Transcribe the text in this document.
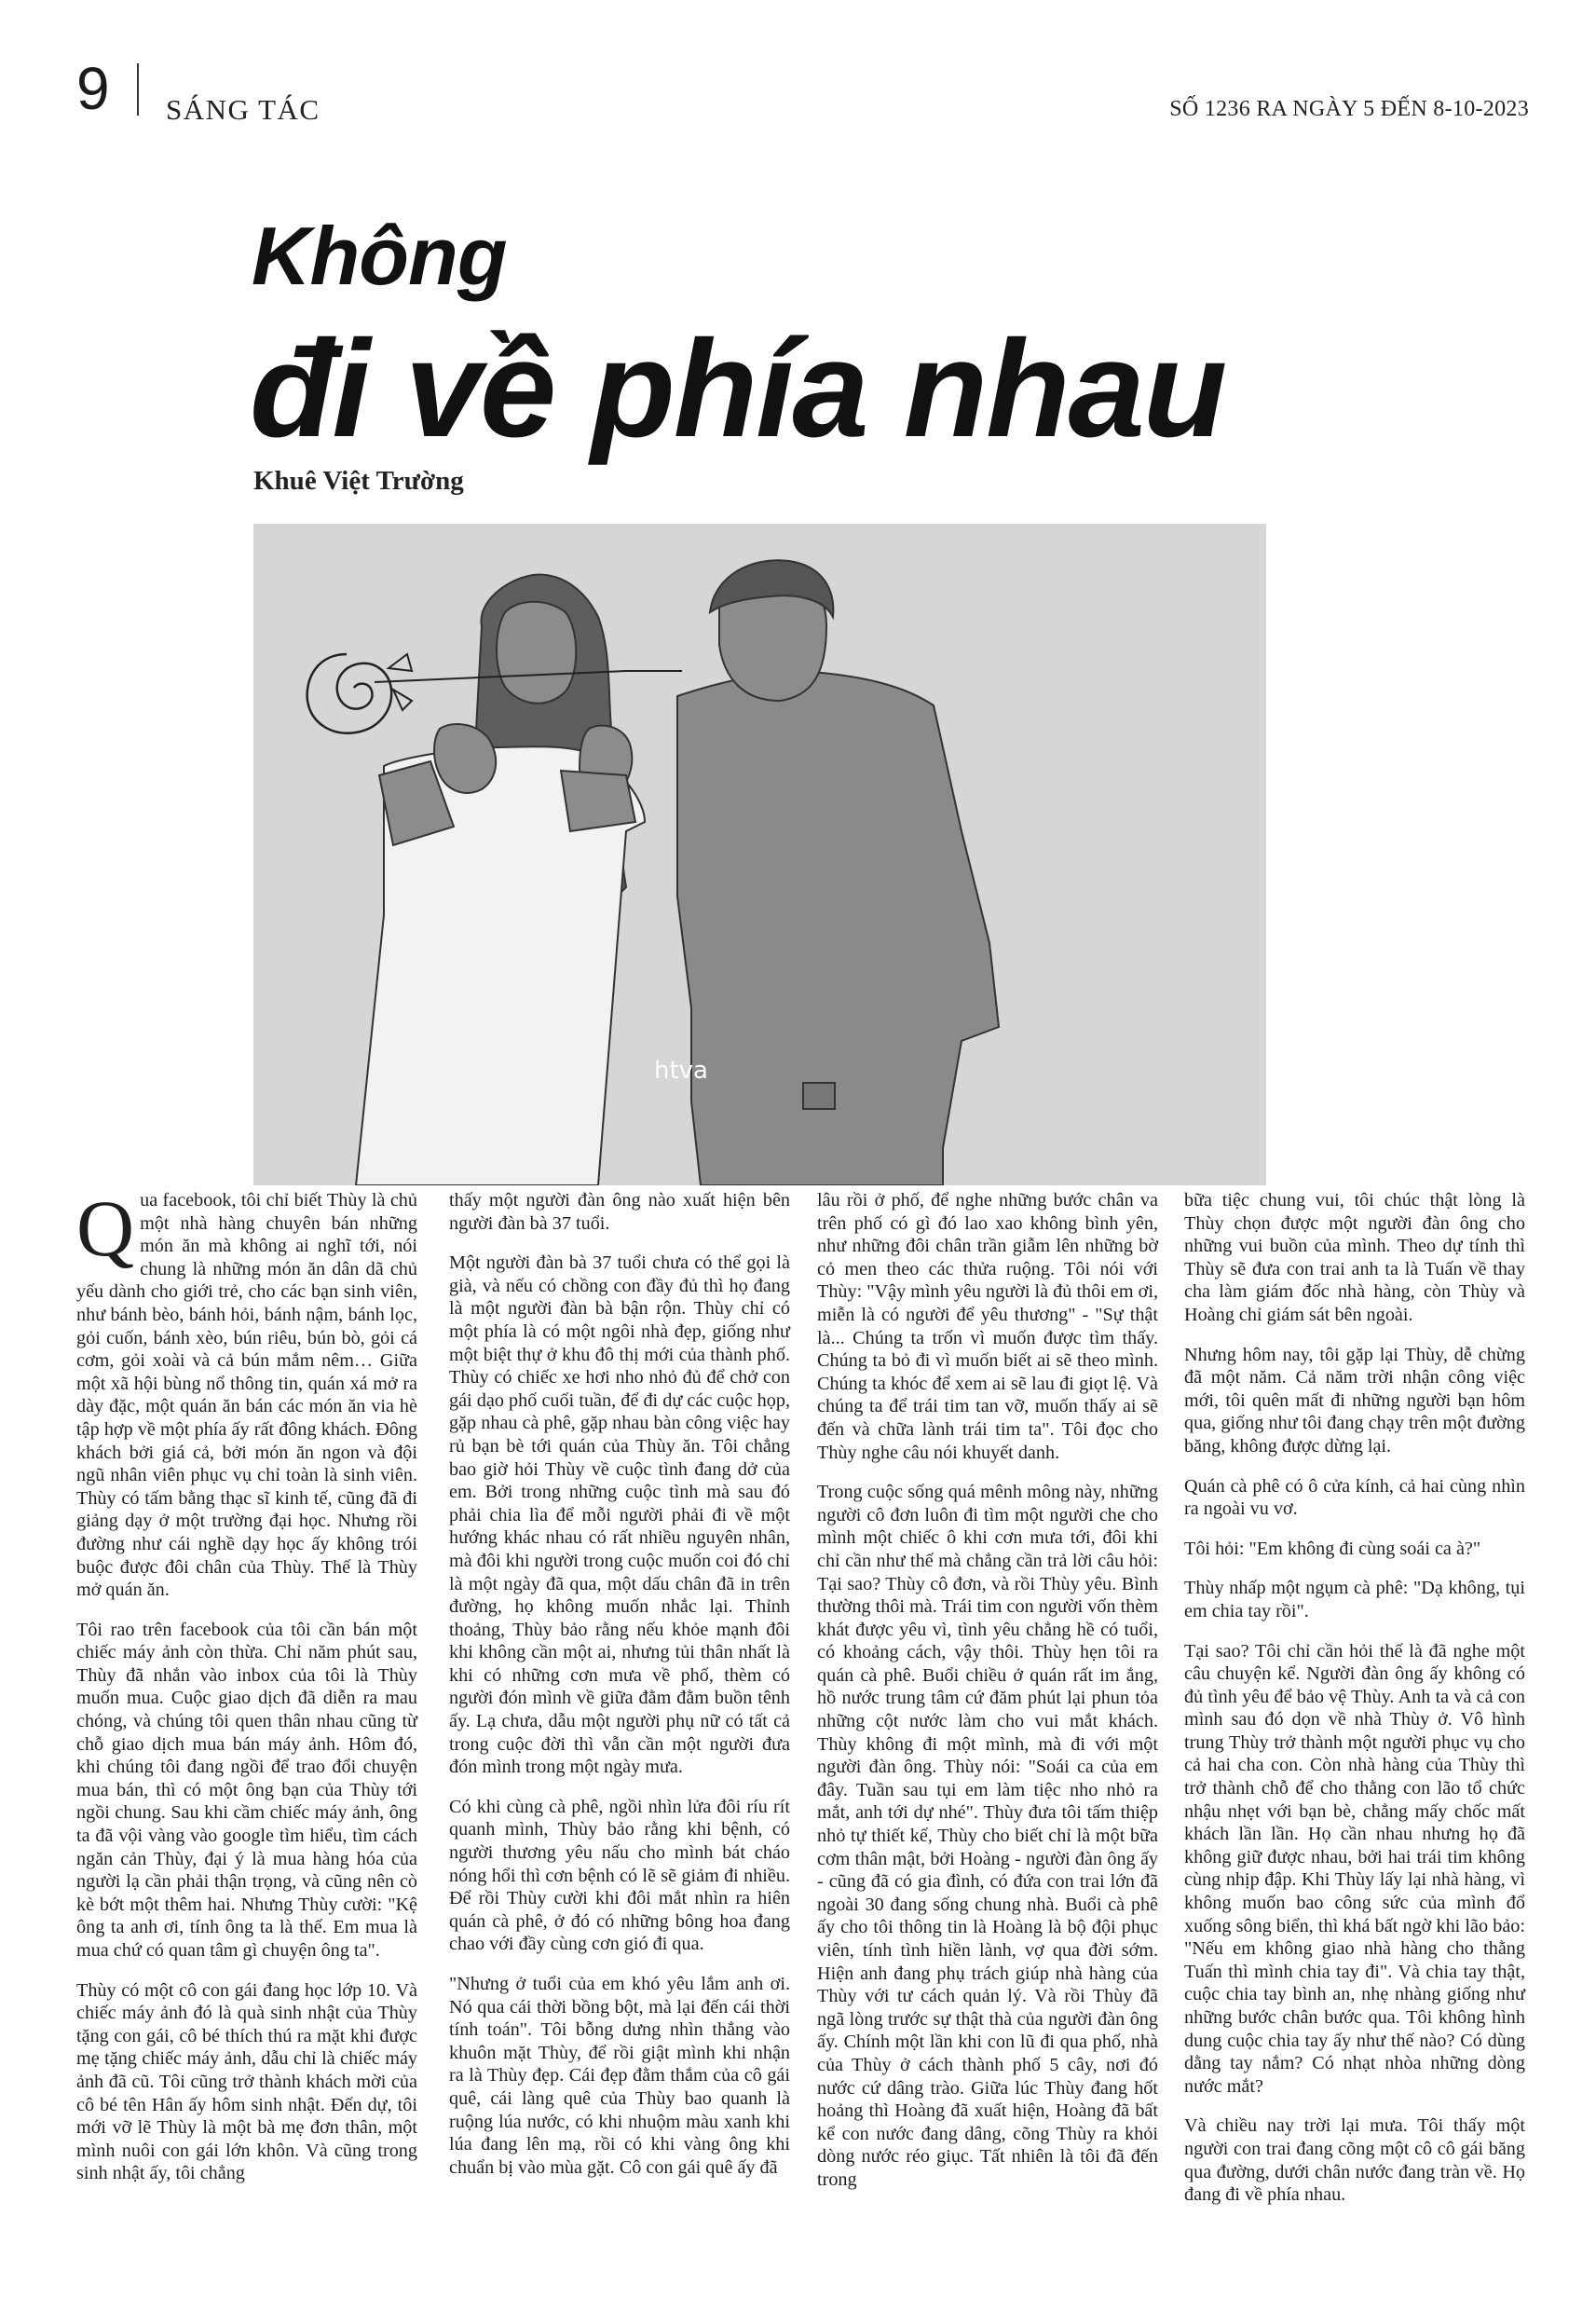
9 SÁNG TÁC	SỐ 1236 RA NGÀY 5 ĐẾN 8-10-2023
Không
đi về phía nhau
Khuê Việt Trường
htva

Qua facebook, tôi chỉ biết Thùy là chủ một nhà hàng chuyên bán những món ăn mà không ai nghĩ tới, nói chung là những món ăn dân dã chủ yếu dành cho giới trẻ, cho các bạn sinh viên, như bánh bèo, bánh hỏi, bánh nậm, bánh lọc, gỏi cuốn, bánh xèo, bún riêu, bún bò, gỏi cá cơm, gỏi xoài và cả bún mắm nêm… Giữa một xã hội bùng nổ thông tin, quán xá mở ra dày đặc, một quán ăn bán các món ăn via hè tập hợp về một phía ấy rất đông khách. Đông khách bởi giá cả, bởi món ăn ngon và đội ngũ nhân viên phục vụ chỉ toàn là sinh viên. Thùy có tấm bằng thạc sĩ kinh tế, cũng đã đi giảng dạy ở một trường đại học. Nhưng rồi đường như cái nghề dạy học ấy không trói buộc được đôi chân của Thùy. Thế là Thùy mở quán ăn.

Tôi rao trên facebook của tôi cần bán một chiếc máy ảnh còn thừa. Chỉ năm phút sau, Thùy đã nhắn vào inbox của tôi là Thùy muốn mua. Cuộc giao dịch đã diễn ra mau chóng, và chúng tôi quen thân nhau cũng từ chỗ giao dịch mua bán máy ảnh. Hôm đó, khi chúng tôi đang ngồi để trao đổi chuyện mua bán, thì có một ông bạn của Thùy tới ngồi chung. Sau khi cầm chiếc máy ảnh, ông ta đã vội vàng vào google tìm hiểu, tìm cách ngăn cản Thùy, đại ý là mua hàng hóa của người lạ cần phải thận trọng, và cũng nên cò kè bớt một thêm hai. Nhưng Thùy cười: "Kệ ông ta anh ơi, tính ông ta là thế. Em mua là mua chứ có quan tâm gì chuyện ông ta".

Thùy có một cô con gái đang học lớp 10. Và chiếc máy ảnh đó là quà sinh nhật của Thùy tặng con gái, cô bé thích thú ra mặt khi được mẹ tặng chiếc máy ảnh, dẫu chỉ là chiếc máy ảnh đã cũ. Tôi cũng trở thành khách mời của cô bé tên Hân ấy hôm sinh nhật. Đến dự, tôi mới vỡ lẽ Thùy là một bà mẹ đơn thân, một mình nuôi con gái lớn khôn. Và cũng trong sinh nhật ấy, tôi chẳng

thấy một người đàn ông nào xuất hiện bên người đàn bà 37 tuổi.

Một người đàn bà 37 tuổi chưa có thể gọi là già, và nếu có chồng con đầy đủ thì họ đang là một người đàn bà bận rộn. Thùy chỉ có một phía là có một ngôi nhà đẹp, giống như một biệt thự ở khu đô thị mới của thành phố. Thùy có chiếc xe hơi nho nhỏ đủ để chở con gái dạo phố cuối tuần, để đi dự các cuộc họp, gặp nhau cà phê, gặp nhau bàn công việc hay rủ bạn bè tới quán của Thùy ăn. Tôi chẳng bao giờ hỏi Thùy về cuộc tình đang dở của em. Bởi trong những cuộc tình mà sau đó phải chia lìa để mỗi người phải đi về một hướng khác nhau có rất nhiều nguyên nhân, mà đôi khi người trong cuộc muốn coi đó chỉ là một ngày đã qua, một dấu chân đã in trên đường, họ không muốn nhắc lại. Thỉnh thoảng, Thùy bảo rằng nếu khỏe mạnh đôi khi không cần một ai, nhưng tủi thân nhất là khi có những cơn mưa về phố, thèm có người đón mình về giữa đằm đằm buồn tênh ấy. Lạ chưa, dẫu một người phụ nữ có tất cả trong cuộc đời thì vẫn cần một người đưa đón mình trong một ngày mưa.

Có khi cùng cà phê, ngồi nhìn lửa đôi ríu rít quanh mình, Thùy bảo rằng khi bệnh, có người thương yêu nấu cho mình bát cháo nóng hổi thì cơn bệnh có lẽ sẽ giảm đi nhiều. Để rồi Thùy cười khi đôi mắt nhìn ra hiên quán cà phê, ở đó có những bông hoa đang chao với đầy cùng cơn gió đi qua.

"Nhưng ở tuổi của em khó yêu lắm anh ơi. Nó qua cái thời bồng bột, mà lại đến cái thời tính toán". Tôi bỗng dưng nhìn thẳng vào khuôn mặt Thùy, để rồi giật mình khi nhận ra là Thùy đẹp. Cái đẹp đằm thắm của cô gái quê, cái làng quê của Thùy bao quanh là ruộng lúa nước, có khi nhuộm màu xanh khi lúa đang lên mạ, rồi có khi vàng ông khi chuẩn bị vào mùa gặt. Cô con gái quê ấy đã

lâu rồi ở phố, để nghe những bước chân va trên phố có gì đó lao xao không bình yên, như những đôi chân trần giẫm lên những bờ cỏ men theo các thửa ruộng. Tôi nói với Thùy: "Vậy mình yêu người là đủ thôi em ơi, miễn là có người để yêu thương" - "Sự thật là... Chúng ta trốn vì muốn được tìm thấy. Chúng ta bỏ đi vì muốn biết ai sẽ theo mình. Chúng ta khóc để xem ai sẽ lau đi giọt lệ. Và chúng ta để trái tim tan vỡ, muốn thấy ai sẽ đến và chữa lành trái tim ta". Tôi đọc cho Thùy nghe câu nói khuyết danh.

Trong cuộc sống quá mênh mông này, những người cô đơn luôn đi tìm một người che cho mình một chiếc ô khi cơn mưa tới, đôi khi chỉ cần như thế mà chẳng cần trả lời câu hỏi: Tại sao? Thùy cô đơn, và rồi Thùy yêu. Bình thường thôi mà. Trái tim con người vốn thèm khát được yêu vì, tình yêu chẳng hề có tuổi, có khoảng cách, vậy thôi. Thùy hẹn tôi ra quán cà phê. Buổi chiều ở quán rất im ắng, hồ nước trung tâm cứ đăm phút lại phun tỏa những cột nước làm cho vui mắt khách. Thùy không đi một mình, mà đi với một người đàn ông. Thùy nói: "Soái ca của em đây. Tuần sau tụi em làm tiệc nho nhỏ ra mắt, anh tới dự nhé". Thùy đưa tôi tấm thiệp nhỏ tự thiết kế, Thùy cho biết chỉ là một bữa cơm thân mật, bởi Hoàng - người đàn ông ấy - cũng đã có gia đình, có đứa con trai lớn đã ngoài 30 đang sống chung nhà. Buổi cà phê ấy cho tôi thông tin là Hoàng là bộ đội phục viên, tính tình hiền lành, vợ qua đời sớm. Hiện anh đang phụ trách giúp nhà hàng của Thùy với tư cách quản lý. Và rồi Thùy đã ngã lòng trước sự thật thà của người đàn ông ấy. Chính một lần khi con lũ đi qua phố, nhà của Thùy ở cách thành phố 5 cây, nơi đó nước cứ dâng trào. Giữa lúc Thùy đang hốt hoảng thì Hoàng đã xuất hiện, Hoàng đã bất kể con nước đang dâng, cõng Thùy ra khỏi dòng nước réo giục. Tất nhiên là tôi đã đến trong

bữa tiệc chung vui, tôi chúc thật lòng là Thùy chọn được một người đàn ông cho những vui buồn của mình. Theo dự tính thì Thùy sẽ đưa con trai anh ta là Tuấn về thay cha làm giám đốc nhà hàng, còn Thùy và Hoàng chỉ giám sát bên ngoài.

Nhưng hôm nay, tôi gặp lại Thùy, dễ chừng đã một năm. Cả năm trời nhận công việc mới, tôi quên mất đi những người bạn hôm qua, giống như tôi đang chạy trên một đường băng, không được dừng lại.

Quán cà phê có ô cửa kính, cả hai cùng nhìn ra ngoài vu vơ.

Tôi hỏi: "Em không đi cùng soái ca à?"

Thùy nhấp một ngụm cà phê: "Dạ không, tụi em chia tay rồi".

Tại sao? Tôi chỉ cần hỏi thế là đã nghe một câu chuyện kể. Người đàn ông ấy không có đủ tình yêu để bảo vệ Thùy. Anh ta và cả con mình sau đó dọn về nhà Thùy ở. Vô hình trung Thùy trở thành một người phục vụ cho cả hai cha con. Còn nhà hàng của Thùy thì trở thành chỗ để cho thằng con lão tổ chức nhậu nhẹt với bạn bè, chẳng mấy chốc mất khách lần lần. Họ cần nhau nhưng họ đã không giữ được nhau, bởi hai trái tim không cùng nhịp đập. Khi Thùy lấy lại nhà hàng, vì không muốn bao công sức của mình đổ xuống sông biển, thì khá bất ngờ khi lão bảo: "Nếu em không giao nhà hàng cho thằng Tuấn thì mình chia tay đi". Và chia tay thật, cuộc chia tay bình an, nhẹ nhàng giống như những bước chân bước qua. Tôi không hình dung cuộc chia tay ấy như thế nào? Có dùng dằng tay nắm? Có nhạt nhòa những dòng nước mắt?

Và chiều nay trời lại mưa. Tôi thấy một người con trai đang cõng một cô cô gái băng qua đường, dưới chân nước đang tràn về. Họ đang đi về phía nhau.
